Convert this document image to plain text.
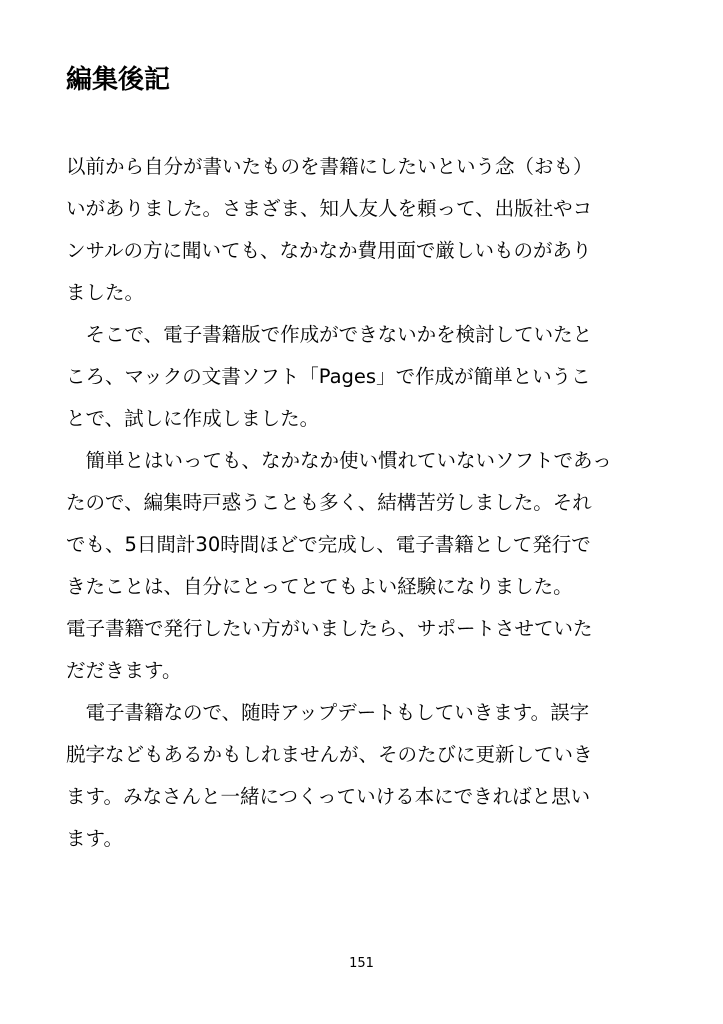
編集後記
以前から自分が書いたものを書籍にしたいという念（おも）
いがありました。さまざま、知人友人を頼って、出版社やコ
ンサルの方に聞いても、なかなか費用面で厳しいものがあり
ました。
　そこで、電子書籍版で作成ができないかを検討していたと
ころ、マックの文書ソフト「Pages」で作成が簡単というこ
とで、試しに作成しました。
　簡単とはいっても、なかなか使い慣れていないソフトであっ
たので、編集時戸惑うことも多く、結構苦労しました。それ
でも、5日間計30時間ほどで完成し、電子書籍として発行で
きたことは、自分にとってとてもよい経験になりました。
電子書籍で発行したい方がいましたら、サポートさせていた
だだきます。
　電子書籍なので、随時アップデートもしていきます。誤字
脱字などもあるかもしれませんが、そのたびに更新していき
ます。みなさんと一緒につくっていける本にできればと思い
ます。
151
